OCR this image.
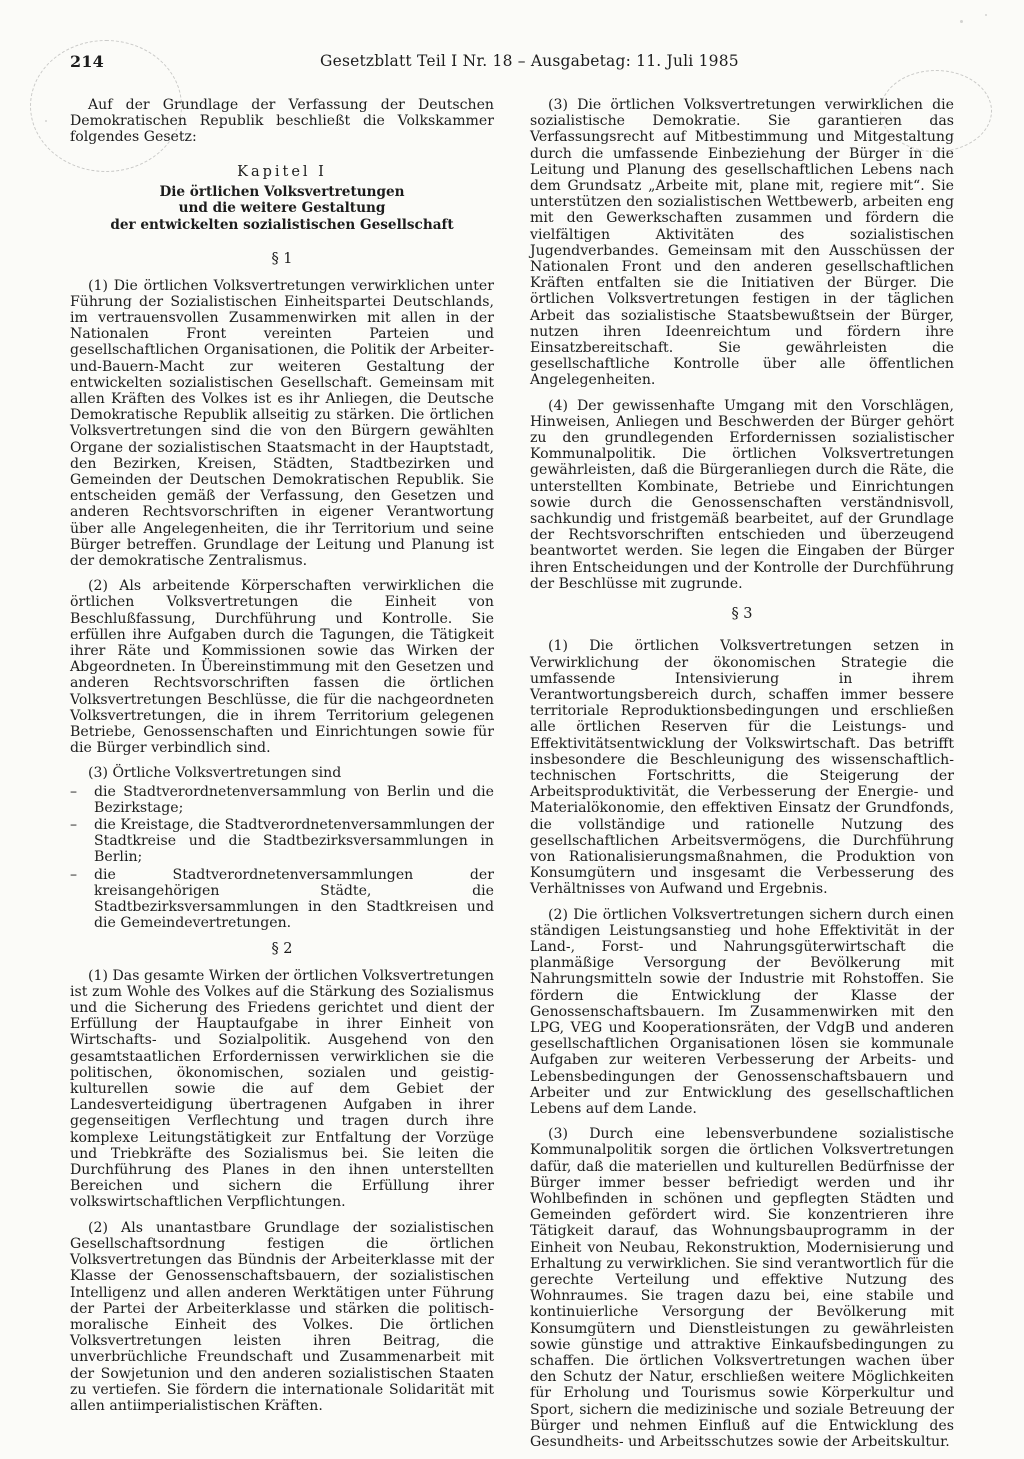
214	Gesetzblatt Teil I Nr. 18 – Ausgabetag: 11. Juli 1985

Auf der Grundlage der Verfassung der Deutschen Demokratischen Republik beschließt die Volkskammer folgendes Gesetz:

Kapitel I
Die örtlichen Volksvertretungen
und die weitere Gestaltung
der entwickelten sozialistischen Gesellschaft
§ 1

(1) Die örtlichen Volksvertretungen verwirklichen unter Führung der Sozialistischen Einheitspartei Deutschlands, im vertrauensvollen Zusammenwirken mit allen in der Nationalen Front vereinten Parteien und gesellschaftlichen Organisationen, die Politik der Arbeiter-und-Bauern-Macht zur weiteren Gestaltung der entwickelten sozialistischen Gesellschaft. Gemeinsam mit allen Kräften des Volkes ist es ihr Anliegen, die Deutsche Demokratische Republik allseitig zu stärken. Die örtlichen Volksvertretungen sind die von den Bürgern gewählten Organe der sozialistischen Staatsmacht in der Hauptstadt, den Bezirken, Kreisen, Städten, Stadtbezirken und Gemeinden der Deutschen Demokratischen Republik. Sie entscheiden gemäß der Verfassung, den Gesetzen und anderen Rechtsvorschriften in eigener Verantwortung über alle Angelegenheiten, die ihr Territorium und seine Bürger betreffen. Grundlage der Leitung und Planung ist der demokratische Zentralismus.

(2) Als arbeitende Körperschaften verwirklichen die örtlichen Volksvertretungen die Einheit von Beschlußfassung, Durchführung und Kontrolle. Sie erfüllen ihre Aufgaben durch die Tagungen, die Tätigkeit ihrer Räte und Kommissionen sowie das Wirken der Abgeordneten. In Übereinstimmung mit den Gesetzen und anderen Rechtsvorschriften fassen die örtlichen Volksvertretungen Beschlüsse, die für die nachgeordneten Volksvertretungen, die in ihrem Territorium gelegenen Betriebe, Genossenschaften und Einrichtungen sowie für die Bürger verbindlich sind.

(3) Örtliche Volksvertretungen sind

– die Stadtverordnetenversammlung von Berlin und die Bezirkstage;
– die Kreistage, die Stadtverordnetenversammlungen der Stadtkreise und die Stadtbezirksversammlungen in Berlin;
– die Stadtverordnetenversammlungen der kreisangehörigen Städte, die Stadtbezirksversammlungen in den Stadtkreisen und die Gemeindevertretungen.
§ 2

(1) Das gesamte Wirken der örtlichen Volksvertretungen ist zum Wohle des Volkes auf die Stärkung des Sozialismus und die Sicherung des Friedens gerichtet und dient der Erfüllung der Hauptaufgabe in ihrer Einheit von Wirtschafts- und Sozialpolitik. Ausgehend von den gesamtstaatlichen Erfordernissen verwirklichen sie die politischen, ökonomischen, sozialen und geistig-kulturellen sowie die auf dem Gebiet der Landesverteidigung übertragenen Aufgaben in ihrer gegenseitigen Verflechtung und tragen durch ihre komplexe Leitungstätigkeit zur Entfaltung der Vorzüge und Triebkräfte des Sozialismus bei. Sie leiten die Durchführung des Planes in den ihnen unterstellten Bereichen und sichern die Erfüllung ihrer volkswirtschaftlichen Verpflichtungen.

(2) Als unantastbare Grundlage der sozialistischen Gesellschaftsordnung festigen die örtlichen Volksvertretungen das Bündnis der Arbeiterklasse mit der Klasse der Genossenschaftsbauern, der sozialistischen Intelligenz und allen anderen Werktätigen unter Führung der Partei der Arbeiterklasse und stärken die politisch-moralische Einheit des Volkes. Die örtlichen Volksvertretungen leisten ihren Beitrag, die unverbrüchliche Freundschaft und Zusammenarbeit mit der Sowjetunion und den anderen sozialistischen Staaten zu vertiefen. Sie fördern die internationale Solidarität mit allen antiimperialistischen Kräften.

(3) Die örtlichen Volksvertretungen verwirklichen die sozialistische Demokratie. Sie garantieren das Verfassungsrecht auf Mitbestimmung und Mitgestaltung durch die umfassende Einbeziehung der Bürger in die Leitung und Planung des gesellschaftlichen Lebens nach dem Grundsatz „Arbeite mit, plane mit, regiere mit“. Sie unterstützen den sozialistischen Wettbewerb, arbeiten eng mit den Gewerkschaften zusammen und fördern die vielfältigen Aktivitäten des sozialistischen Jugendverbandes. Gemeinsam mit den Ausschüssen der Nationalen Front und den anderen gesellschaftlichen Kräften entfalten sie die Initiativen der Bürger. Die örtlichen Volksvertretungen festigen in der täglichen Arbeit das sozialistische Staatsbewußtsein der Bürger, nutzen ihren Ideenreichtum und fördern ihre Einsatzbereitschaft. Sie gewährleisten die gesellschaftliche Kontrolle über alle öffentlichen Angelegenheiten.

(4) Der gewissenhafte Umgang mit den Vorschlägen, Hinweisen, Anliegen und Beschwerden der Bürger gehört zu den grundlegenden Erfordernissen sozialistischer Kommunalpolitik. Die örtlichen Volksvertretungen gewährleisten, daß die Bürgeranliegen durch die Räte, die unterstellten Kombinate, Betriebe und Einrichtungen sowie durch die Genossenschaften verständnisvoll, sachkundig und fristgemäß bearbeitet, auf der Grundlage der Rechtsvorschriften entschieden und überzeugend beantwortet werden. Sie legen die Eingaben der Bürger ihren Entscheidungen und der Kontrolle der Durchführung der Beschlüsse mit zugrunde.

§ 3

(1) Die örtlichen Volksvertretungen setzen in Verwirklichung der ökonomischen Strategie die umfassende Intensivierung in ihrem Verantwortungsbereich durch, schaffen immer bessere territoriale Reproduktionsbedingungen und erschließen alle örtlichen Reserven für die Leistungs- und Effektivitätsentwicklung der Volkswirtschaft. Das betrifft insbesondere die Beschleunigung des wissenschaftlich-technischen Fortschritts, die Steigerung der Arbeitsproduktivität, die Verbesserung der Energie- und Materialökonomie, den effektiven Einsatz der Grundfonds, die vollständige und rationelle Nutzung des gesellschaftlichen Arbeitsvermögens, die Durchführung von Rationalisierungsmaßnahmen, die Produktion von Konsumgütern und insgesamt die Verbesserung des Verhältnisses von Aufwand und Ergebnis.

(2) Die örtlichen Volksvertretungen sichern durch einen ständigen Leistungsanstieg und hohe Effektivität in der Land-, Forst- und Nahrungsgüterwirtschaft die planmäßige Versorgung der Bevölkerung mit Nahrungsmitteln sowie der Industrie mit Rohstoffen. Sie fördern die Entwicklung der Klasse der Genossenschaftsbauern. Im Zusammenwirken mit den LPG, VEG und Kooperationsräten, der VdgB und anderen gesellschaftlichen Organisationen lösen sie kommunale Aufgaben zur weiteren Verbesserung der Arbeits- und Lebensbedingungen der Genossenschaftsbauern und Arbeiter und zur Entwicklung des gesellschaftlichen Lebens auf dem Lande.

(3) Durch eine lebensverbundene sozialistische Kommunalpolitik sorgen die örtlichen Volksvertretungen dafür, daß die materiellen und kulturellen Bedürfnisse der Bürger immer besser befriedigt werden und ihr Wohlbefinden in schönen und gepflegten Städten und Gemeinden gefördert wird. Sie konzentrieren ihre Tätigkeit darauf, das Wohnungsbauprogramm in der Einheit von Neubau, Rekonstruktion, Modernisierung und Erhaltung zu verwirklichen. Sie sind verantwortlich für die gerechte Verteilung und effektive Nutzung des Wohnraumes. Sie tragen dazu bei, eine stabile und kontinuierliche Versorgung der Bevölkerung mit Konsumgütern und Dienstleistungen zu gewährleisten sowie günstige und attraktive Einkaufsbedingungen zu schaffen. Die örtlichen Volksvertretungen wachen über den Schutz der Natur, erschließen weitere Möglichkeiten für Erholung und Tourismus sowie Körperkultur und Sport, sichern die medizinische und soziale Betreuung der Bürger und nehmen Einfluß auf die Entwicklung des Gesundheits- und Arbeitsschutzes sowie der Arbeitskultur.
